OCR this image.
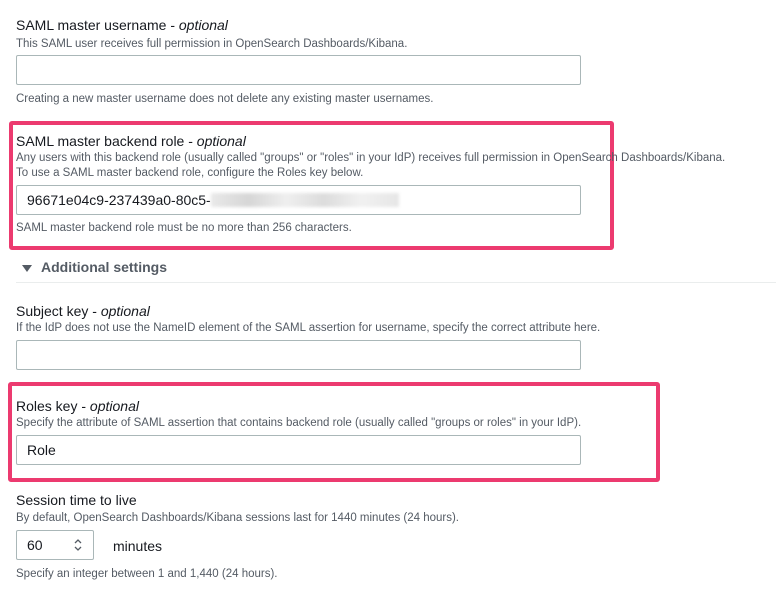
SAML master username - optional
This SAML user receives full permission in OpenSearch Dashboards/Kibana.
Creating a new master username does not delete any existing master usernames.
SAML master backend role - optional
Any users with this backend role (usually called "groups" or "roles" in your IdP) receives full permission in OpenSearch Dashboards/Kibana.
To use a SAML master backend role, configure the Roles key below.
96671e04c9-237439a0-80c5-
SAML master backend role must be no more than 256 characters.
Additional settings
Subject key - optional
If the IdP does not use the NameID element of the SAML assertion for username, specify the correct attribute here.
Roles key - optional
Specify the attribute of SAML assertion that contains backend role (usually called "groups or roles" in your IdP).
Role
Session time to live
By default, OpenSearch Dashboards/Kibana sessions last for 1440 minutes (24 hours).
60	minutes
Specify an integer between 1 and 1,440 (24 hours).
